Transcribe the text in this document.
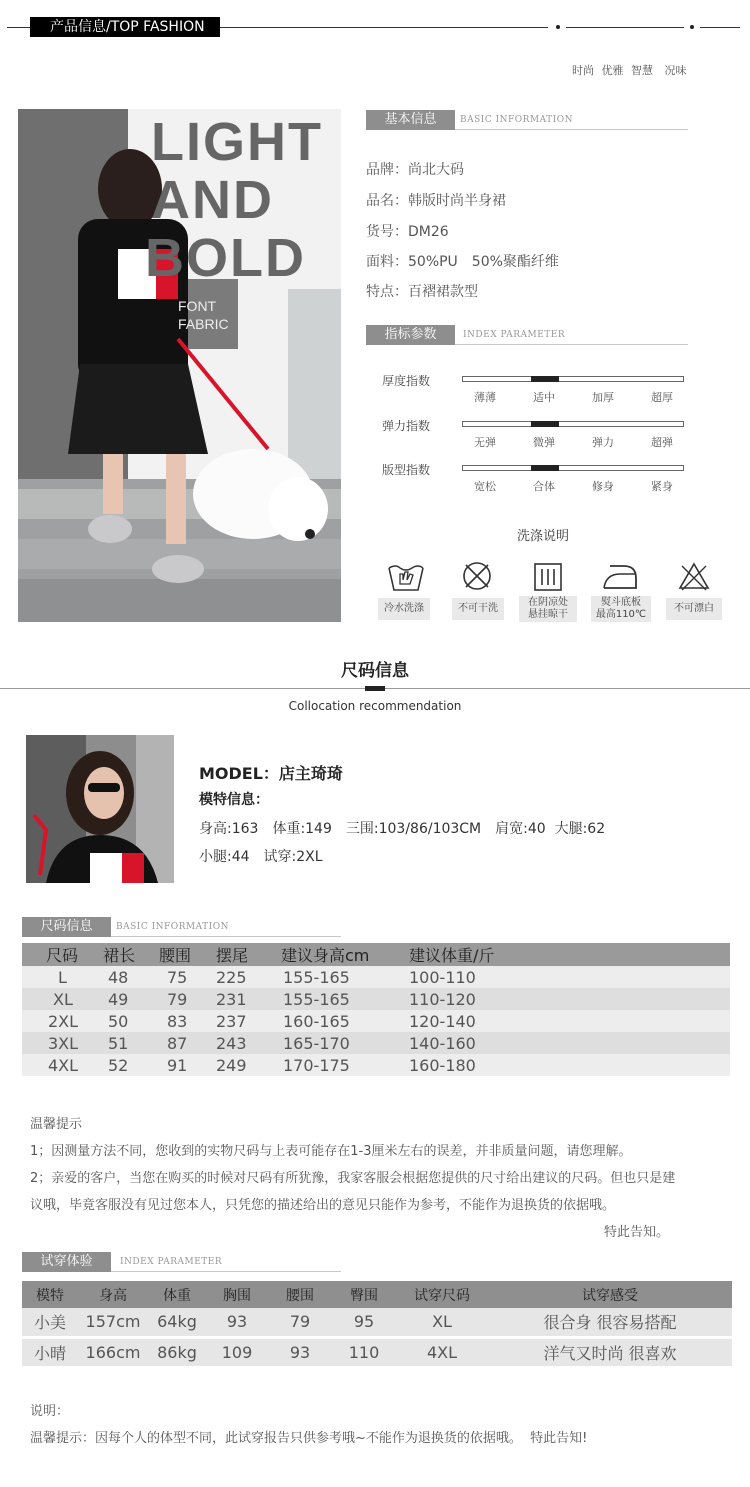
产品信息/TOP FASHION
时尚 优雅 智慧 况味
LIGHT
AND
BOLD
FONT
FABRIC
基本信息	BASIC INFORMATION
品牌：尚北大码
品名：韩版时尚半身裙
货号：DM26
面料：50%PU　50%聚酯纤维
特点：百褶裙款型
指标参数	INDEX PARAMETER
厚度指数
薄薄	适中	加厚	超厚
弹力指数
无弹	微弹	弹力	超弹
版型指数
宽松	合体	修身	紧身
洗涤说明
冷水洗涤	不可干洗
在阴凉处
悬挂晾干
熨斗底板
最高110℃
不可漂白
尺码信息
Collocation recommendation
MODEL：店主琦琦
模特信息：
身高:163　体重:149　三围:103/86/103CM　肩宽:40  大腿:62
小腿:44　试穿:2XL
尺码信息	BASIC INFORMATION
尺码	裙长	腰围	摆尾	建议身高cm	建议体重/斤
L	48	75	225	155-165	100-110
XL	49	79	231	155-165	110-120
2XL	50	83	237	160-165	120-140
3XL	51	87	243	165-170	140-160
4XL	52	91	249	170-175	160-180
温馨提示
1；因测量方法不同，您收到的实物尺码与上表可能存在1-3厘米左右的误差，并非质量问题，请您理解。
2；亲爱的客户，当您在购买的时候对尺码有所犹豫，我家客服会根据您提供的尺寸给出建议的尺码。但也只是建
议哦，毕竟客服没有见过您本人，只凭您的描述给出的意见只能作为参考，不能作为退换货的依据哦。
特此告知。
试穿体验	INDEX PARAMETER
模特	身高	体重	胸围	腰围	臀围	试穿尺码	试穿感受
小美	157cm	64kg	93	79	95	XL	很合身 很容易搭配
小晴	166cm	86kg	109	93	110	4XL	洋气又时尚 很喜欢
说明：
温馨提示：因每个人的体型不同，此试穿报告只供参考哦~不能作为退换货的依据哦。  特此告知!
